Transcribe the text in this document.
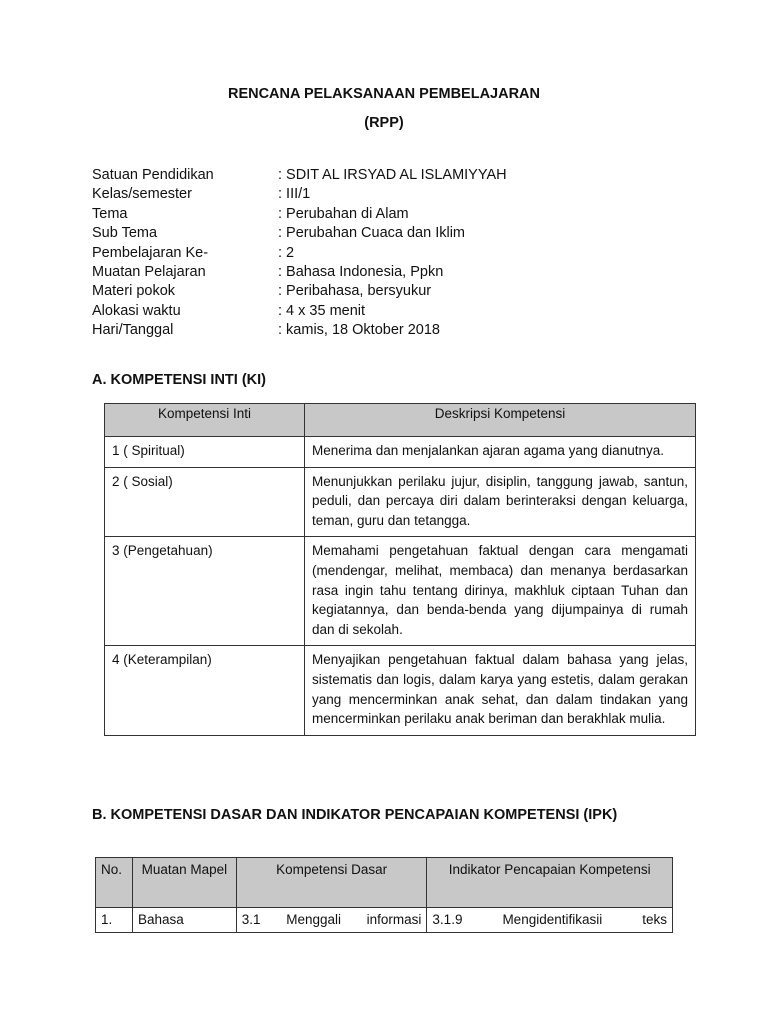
RENCANA PELAKSANAAN PEMBELAJARAN
(RPP)
Satuan Pendidikan	: SDIT AL IRSYAD AL ISLAMIYYAH
Kelas/semester	: III/1
Tema	: Perubahan di Alam
Sub Tema	: Perubahan Cuaca dan Iklim
Pembelajaran Ke-	: 2
Muatan Pelajaran	: Bahasa Indonesia, Ppkn
Materi pokok	: Peribahasa, bersyukur
Alokasi waktu	: 4 x 35 menit
Hari/Tanggal	: kamis, 18 Oktober 2018
A. KOMPETENSI INTI (KI)
Kompetensi Inti	Deskripsi Kompetensi
1 ( Spiritual)	Menerima dan menjalankan ajaran agama yang dianutnya.
2 ( Sosial)	Menunjukkan perilaku jujur, disiplin, tanggung jawab, santun, peduli, dan percaya diri dalam berinteraksi dengan keluarga, teman, guru dan tetangga.
3 (Pengetahuan)	Memahami pengetahuan faktual dengan cara mengamati (mendengar, melihat, membaca) dan menanya berdasarkan rasa ingin tahu tentang dirinya, makhluk ciptaan Tuhan dan kegiatannya, dan benda-benda yang dijumpainya di rumah dan di sekolah.
4 (Keterampilan)	Menyajikan pengetahuan faktual dalam bahasa yang jelas, sistematis dan logis, dalam karya yang estetis, dalam gerakan yang mencerminkan anak sehat, dan dalam tindakan yang mencerminkan perilaku anak beriman dan berakhlak mulia.
B. KOMPETENSI DASAR DAN INDIKATOR PENCAPAIAN KOMPETENSI (IPK)
No.	Muatan Mapel	Kompetensi Dasar	Indikator Pencapaian Kompetensi
1.	Bahasa	3.1 Menggali informasi	3.1.9 Mengidentifikasii teks
